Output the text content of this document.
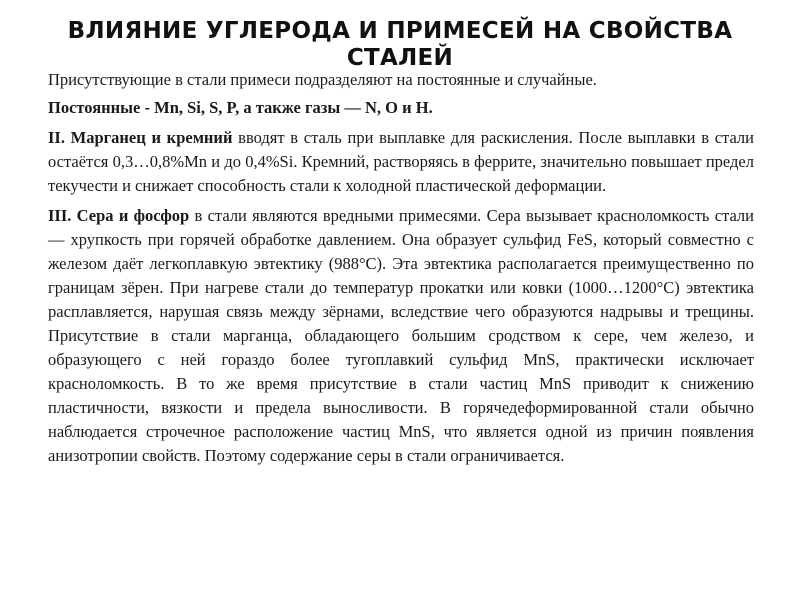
ВЛИЯНИЕ УГЛЕРОДА И ПРИМЕСЕЙ НА СВОЙСТВА СТАЛЕЙ

Присутствующие в стали примеси подразделяют на постоянные и случайные.

Постоянные - Mn, Si, S, P, а также газы — N, O и H.

II. Марганец и кремний вводят в сталь при выплавке для раскисления. После выплавки в стали остаётся 0,3…0,8%Mn и до 0,4%Si. Кремний, растворяясь в феррите, значительно повышает предел текучести и снижает способность стали к холодной пластической деформации.

III. Сера и фосфор в стали являются вредными примесями. Сера вызывает красноломкость стали — хрупкость при горячей обработке давлением. Она образует сульфид FeS, который совместно с железом даёт легкоплавкую эвтектику (988°C). Эта эвтектика располагается преимущественно по границам зёрен. При нагреве стали до температур прокатки или ковки (1000…1200°C) эвтектика расплавляется, нарушая связь между зёрнами, вследствие чего образуются надрывы и трещины. Присутствие в стали марганца, обладающего большим сродством к сере, чем железо, и образующего с ней гораздо более тугоплавкий сульфид MnS, практически исключает красноломкость. В то же время присутствие в стали частиц MnS приводит к снижению пластичности, вязкости и предела выносливости. В горячедеформированной стали обычно наблюдается строчечное расположение частиц MnS, что является одной из причин появления анизотропии свойств. Поэтому содержание серы в стали ограничивается.
